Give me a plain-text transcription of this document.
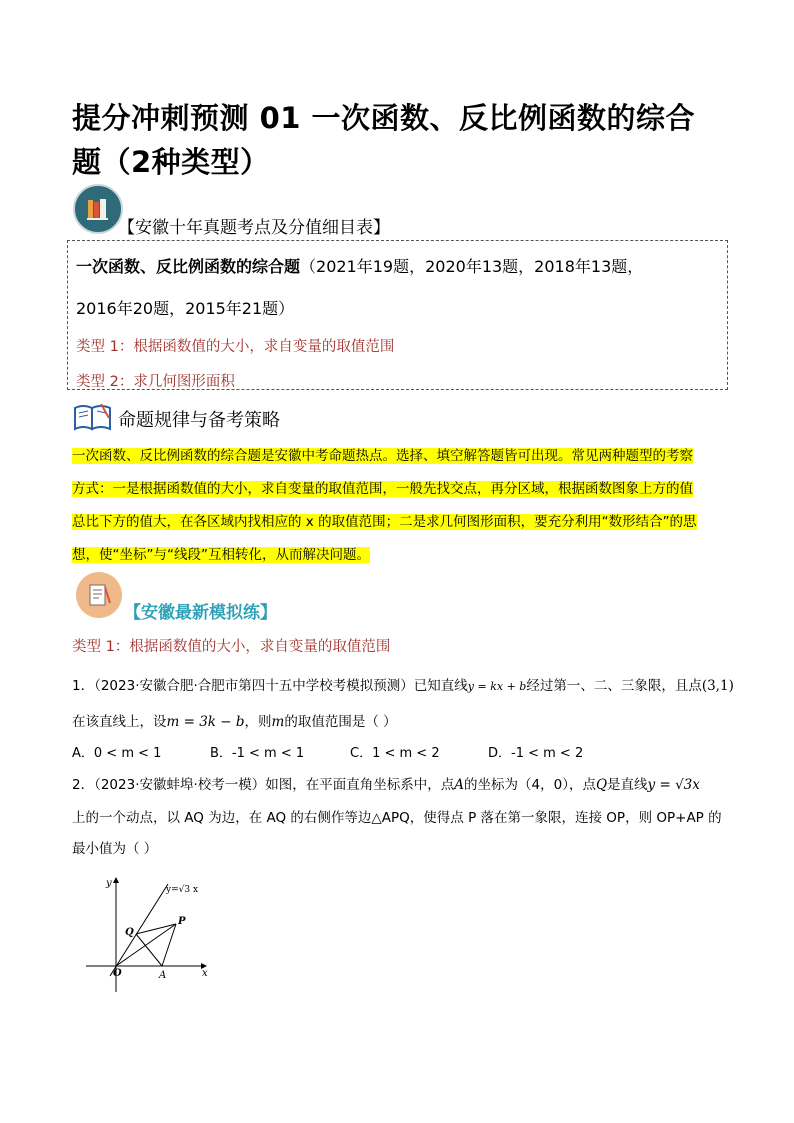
提分冲刺预测 01 一次函数、反比例函数的综合
题（2种类型）
【安徽十年真题考点及分值细目表】
一次函数、反比例函数的综合题（2021年19题，2020年13题，2018年13题，
2016年20题，2015年21题）
类型 1：根据函数值的大小，求自变量的取值范围
类型 2：求几何图形面积
命题规律与备考策略
一次函数、反比例函数的综合题是安徽中考命题热点。选择、填空解答题皆可出现。常见两种题型的考察
方式：一是根据函数值的大小，求自变量的取值范围，一般先找交点，再分区域，根据函数图象上方的值
总比下方的值大，在各区域内找相应的 x 的取值范围；二是求几何图形面积，要充分利用“数形结合”的思
想，使“坐标”与“线段”互相转化，从而解决问题。
【安徽最新模拟练】
类型 1：根据函数值的大小，求自变量的取值范围
1．（2023·安徽合肥·合肥市第四十五中学校考模拟预测）已知直线y = kx + b经过第一、二、三象限，且点(3,1)
在该直线上，设m = 3k − b，则m的取值范围是（ ）
A．0 < m < 1	B．-1 < m < 1	C．1 < m < 2	D．-1 < m < 2
2．（2023·安徽蚌埠·校考一模）如图，在平面直角坐标系中，点A的坐标为（4，0），点Q是直线y = √3x
上的一个动点，以 AQ 为边，在 AQ 的右侧作等边△APQ，使得点 P 落在第一象限，连接 OP，则 OP+AP 的
最小值为（ ）
y
x
y=√3 x
O	A
P
Q
